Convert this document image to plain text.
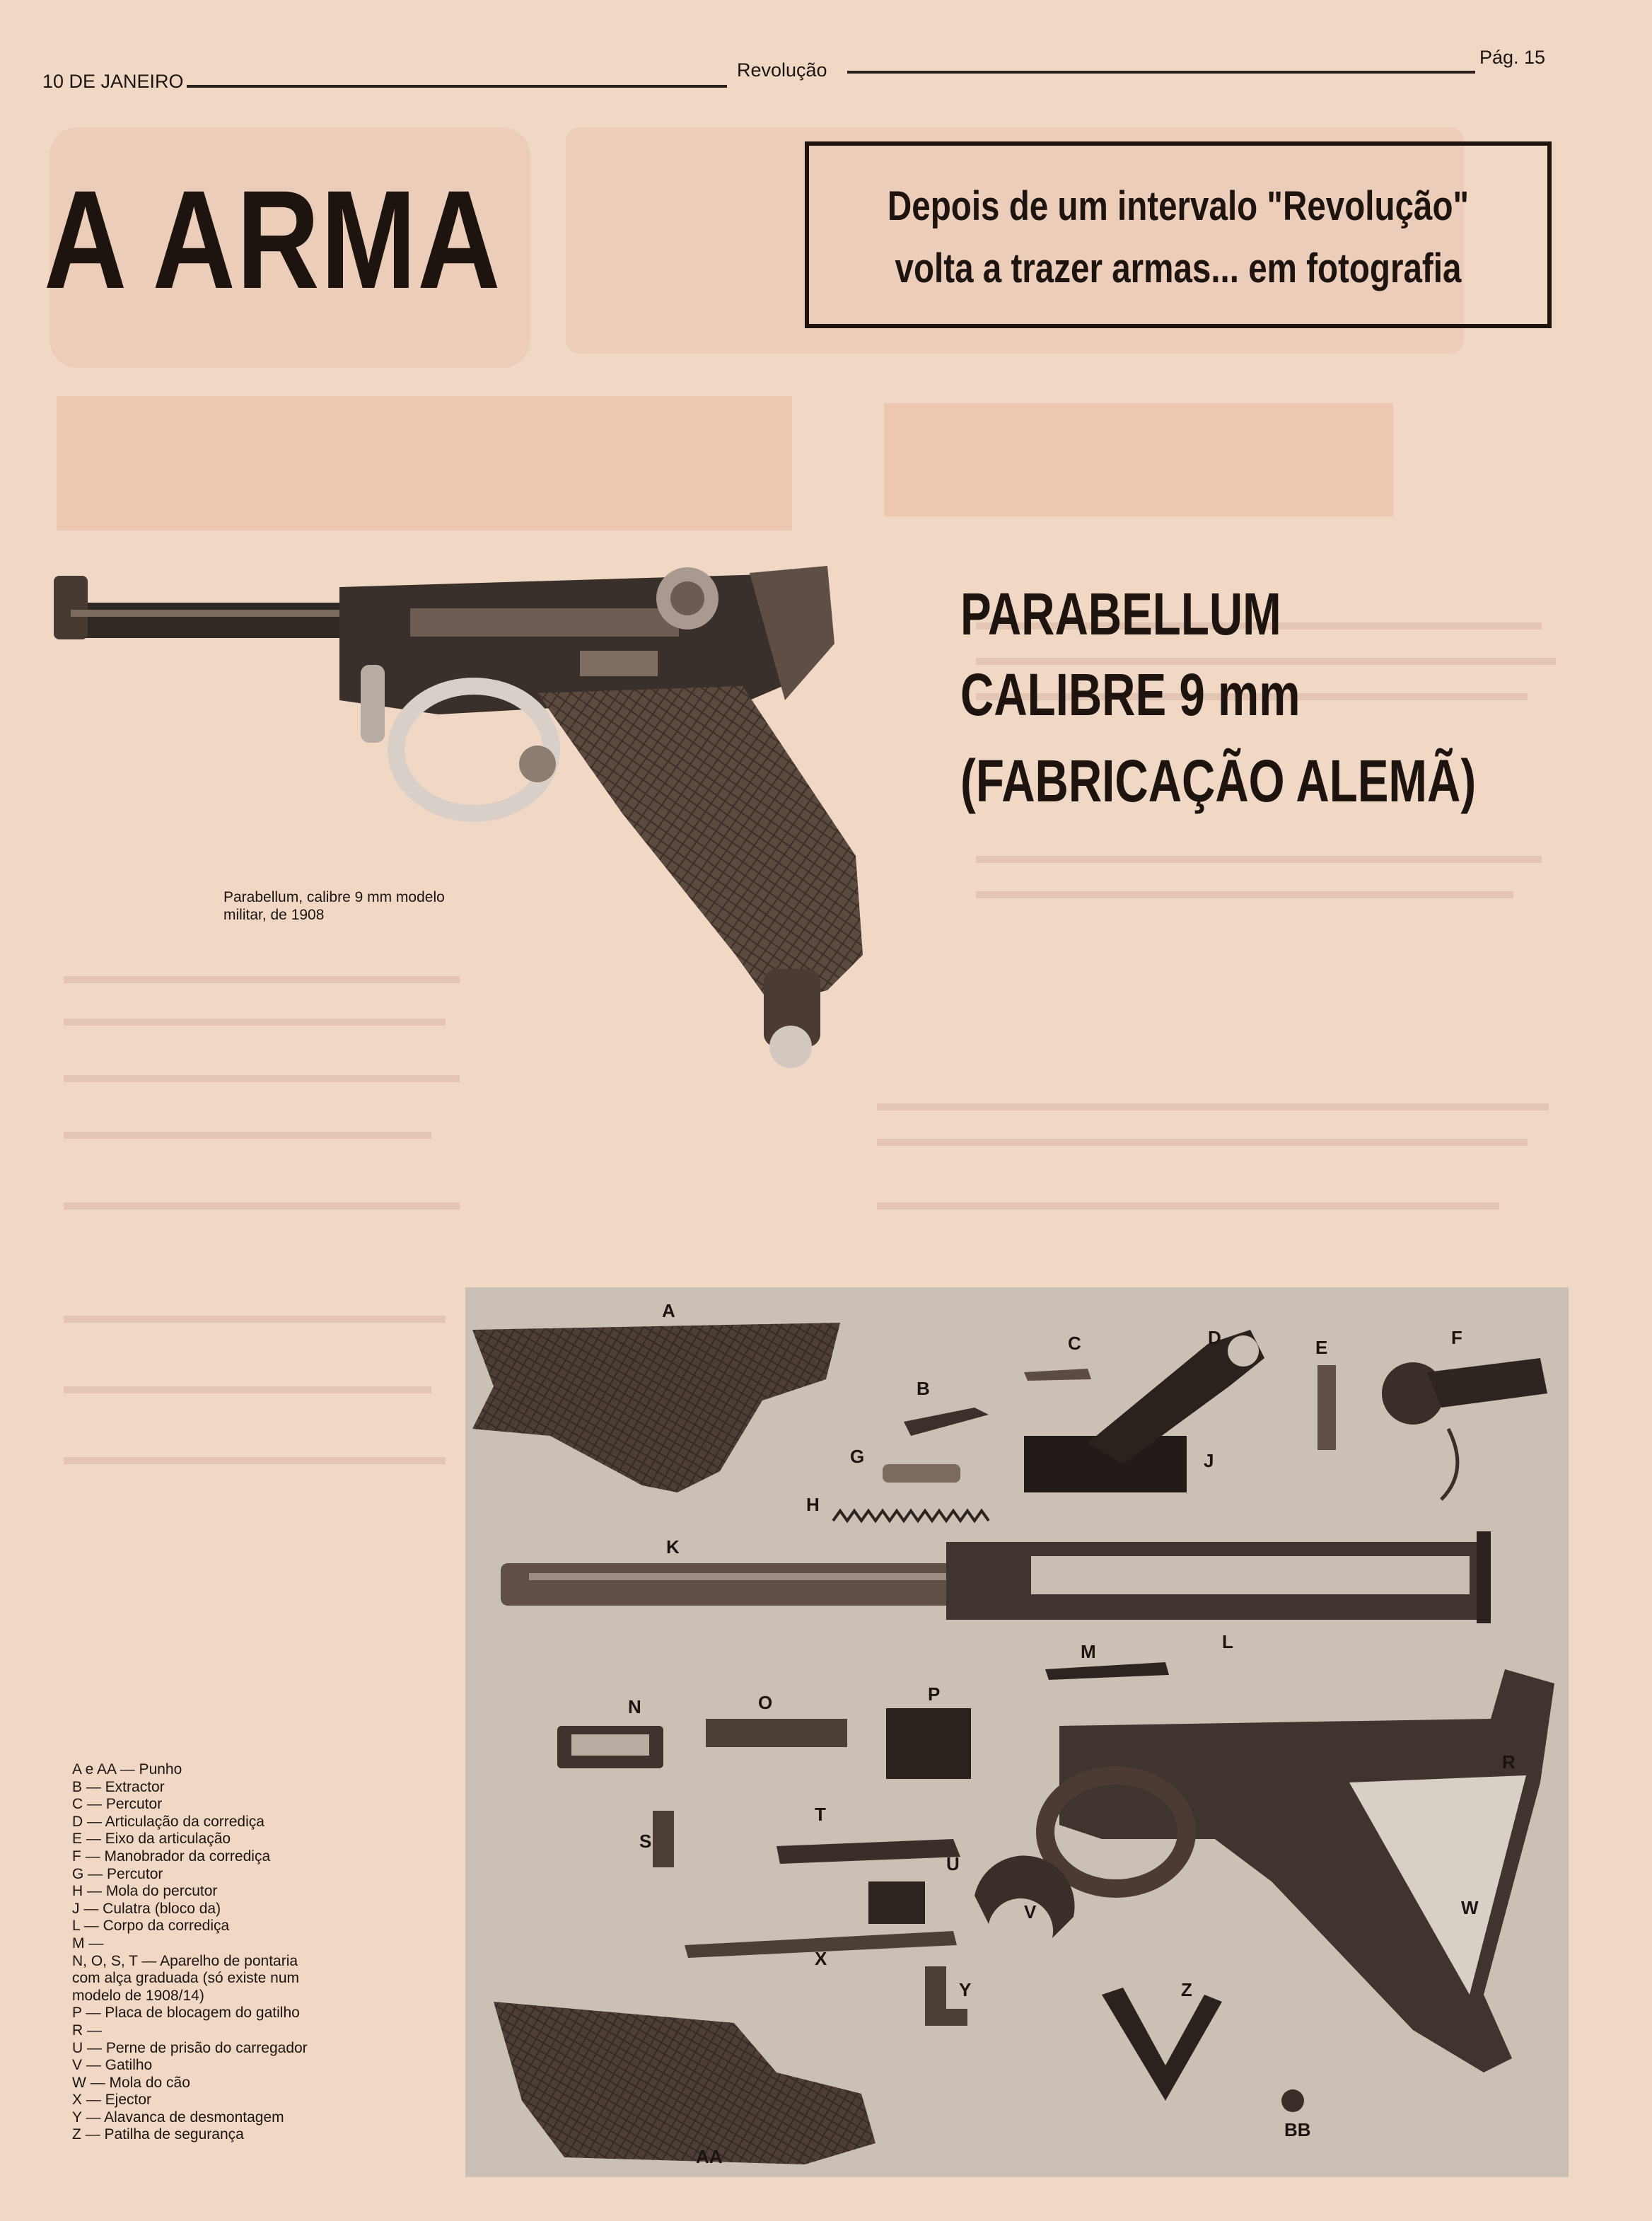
10 DE JANEIRO
Revolução
Pág. 15
A ARMA	Depois de um intervalo "Revolução"
volta a trazer armas... em fotografia
Parabellum, calibre 9 mm modelo militar, de 1908
PARABELLUM
CALIBRE 9 mm
(FABRICAÇÃO ALEMÃ)
A
B
C	D	E	F
G
H
J
K
L
M
N	O	P
R
S
T
U
V	W
X
Y	Z
AA
BB
A e AA — Punho
B — Extractor
C — Percutor
D — Articulação da corrediça
E — Eixo da articulação
F — Manobrador da corrediça
G — Percutor
H — Mola do percutor
J — Culatra (bloco da)
L — Corpo da corrediça
M —
N, O, S, T — Aparelho de pontaria com alça graduada (só existe num modelo de 1908/14)
P — Placa de blocagem do gatilho
R —
U — Perne de prisão do carregador
V — Gatilho
W — Mola do cão
X — Ejector
Y — Alavanca de desmontagem
Z — Patilha de segurança
